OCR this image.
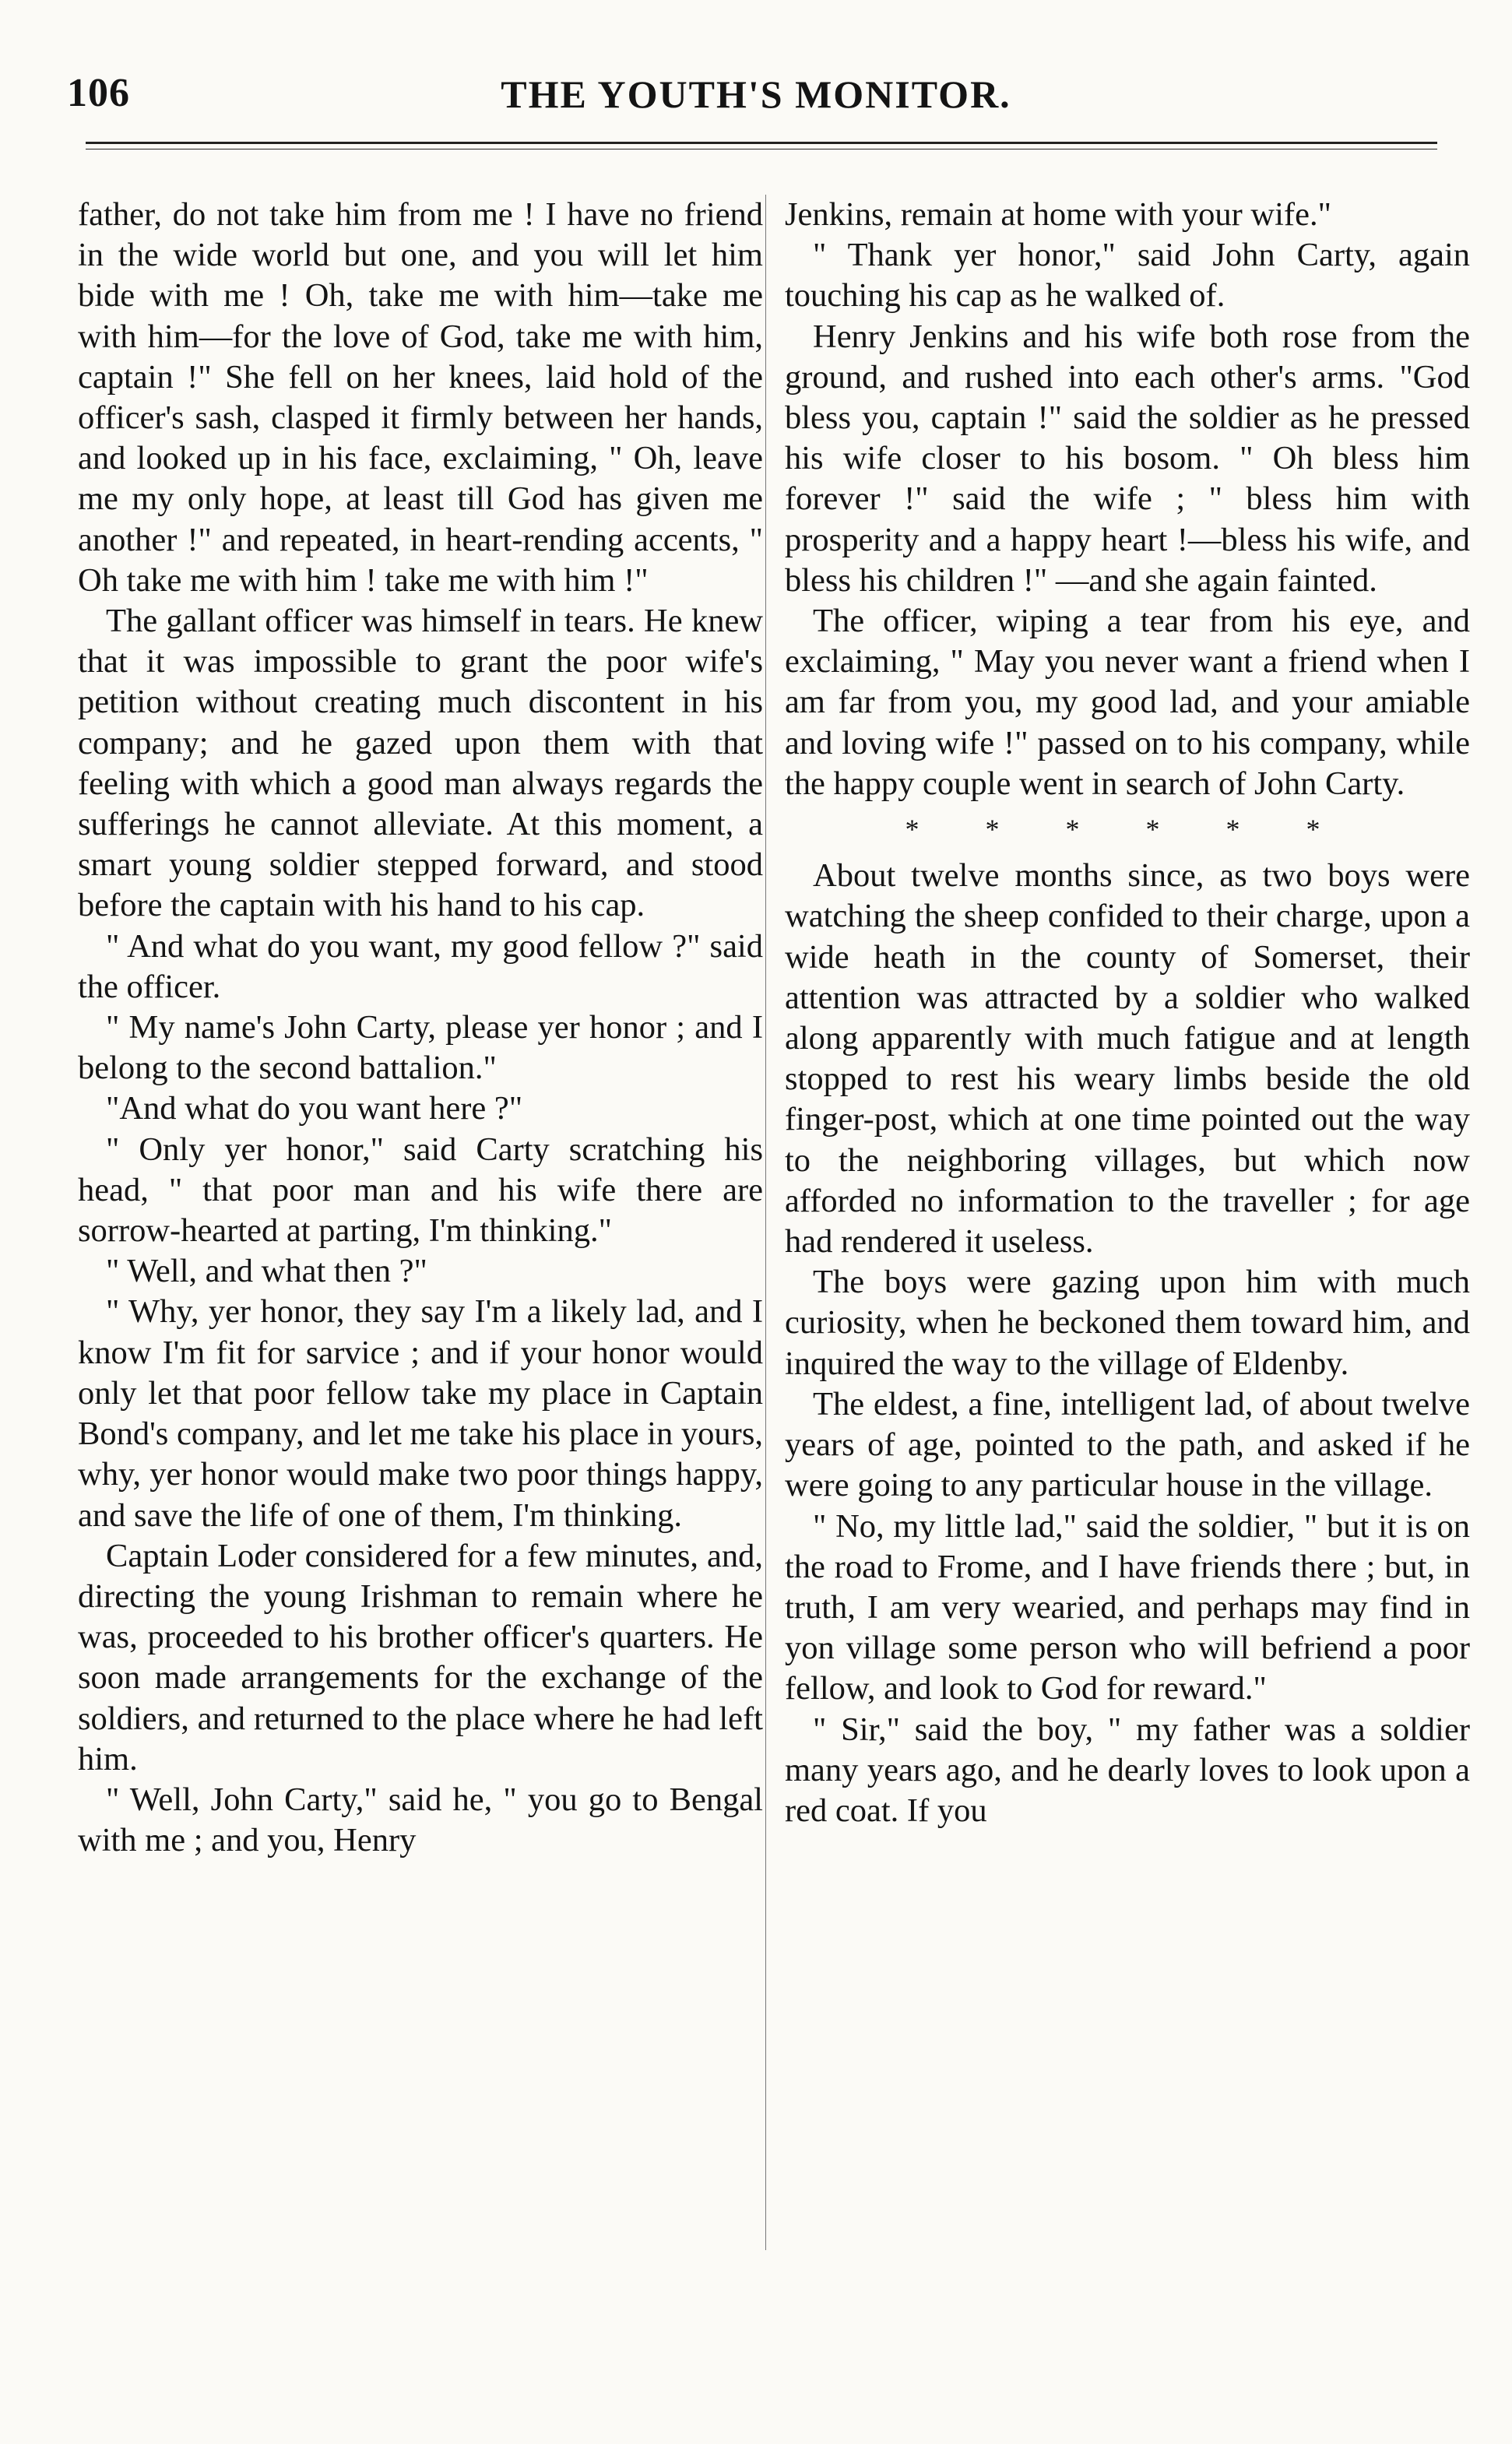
106	THE YOUTH'S MONITOR.

father, do not take him from me ! I have no friend in the wide world but one, and you will let him bide with me ! Oh, take me with him—take me with him—for the love of God, take me with him, captain !" She fell on her knees, laid hold of the officer's sash, clasped it firmly between her hands, and looked up in his face, exclaiming, " Oh, leave me my only hope, at least till God has given me another !" and repeated, in heart-rending accents, " Oh take me with him ! take me with him !"

The gallant officer was himself in tears. He knew that it was impossible to grant the poor wife's petition without creating much discontent in his company; and he gazed upon them with that feeling with which a good man always regards the sufferings he cannot alleviate. At this moment, a smart young soldier stepped forward, and stood before the captain with his hand to his cap.

" And what do you want, my good fellow ?" said the officer.

" My name's John Carty, please yer honor ; and I belong to the second battalion."

"And what do you want here ?"

" Only yer honor," said Carty scratching his head, " that poor man and his wife there are sorrow-hearted at parting, I'm thinking."

" Well, and what then ?"

" Why, yer honor, they say I'm a likely lad, and I know I'm fit for sarvice ; and if your honor would only let that poor fellow take my place in Captain Bond's company, and let me take his place in yours, why, yer honor would make two poor things happy, and save the life of one of them, I'm thinking.

Captain Loder considered for a few minutes, and, directing the young Irishman to remain where he was, proceeded to his brother officer's quarters. He soon made arrangements for the exchange of the soldiers, and returned to the place where he had left him.

" Well, John Carty," said he, " you go to Bengal with me ; and you, Henry

Jenkins, remain at home with your wife."

" Thank yer honor," said John Carty, again touching his cap as he walked of.

Henry Jenkins and his wife both rose from the ground, and rushed into each other's arms. "God bless you, captain !" said the soldier as he pressed his wife closer to his bosom. " Oh bless him forever !" said the wife ; " bless him with prosperity and a happy heart !—bless his wife, and bless his children !" —and she again fainted.

The officer, wiping a tear from his eye, and exclaiming, " May you never want a friend when I am far from you, my good lad, and your amiable and loving wife !" passed on to his company, while the happy couple went in search of John Carty.

* * * * * *

About twelve months since, as two boys were watching the sheep confided to their charge, upon a wide heath in the county of Somerset, their attention was attracted by a soldier who walked along apparently with much fatigue and at length stopped to rest his weary limbs beside the old finger-post, which at one time pointed out the way to the neighboring villages, but which now afforded no information to the traveller ; for age had rendered it useless.

The boys were gazing upon him with much curiosity, when he beckoned them toward him, and inquired the way to the village of Eldenby.

The eldest, a fine, intelligent lad, of about twelve years of age, pointed to the path, and asked if he were going to any particular house in the village.

" No, my little lad," said the soldier, " but it is on the road to Frome, and I have friends there ; but, in truth, I am very wearied, and perhaps may find in yon village some person who will befriend a poor fellow, and look to God for reward."

" Sir," said the boy, " my father was a soldier many years ago, and he dearly loves to look upon a red coat. If you
